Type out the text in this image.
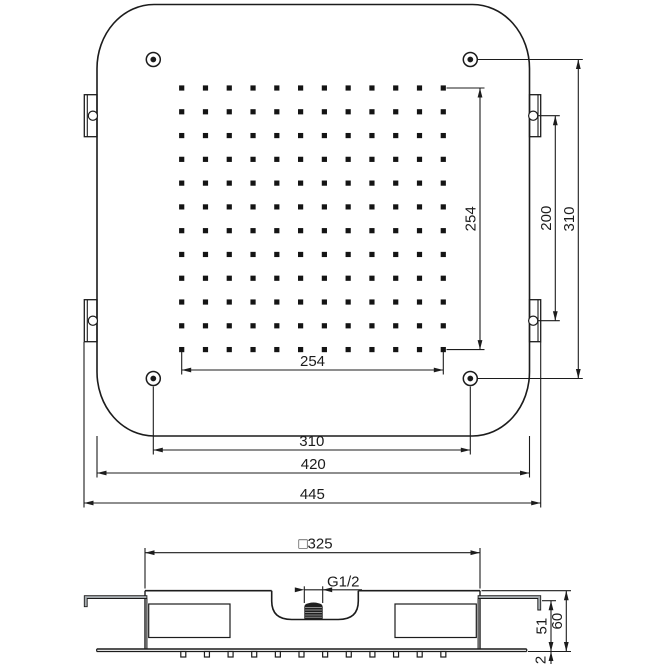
254
310
420
445
254	200 310
□325
G1/2
51
60
2
